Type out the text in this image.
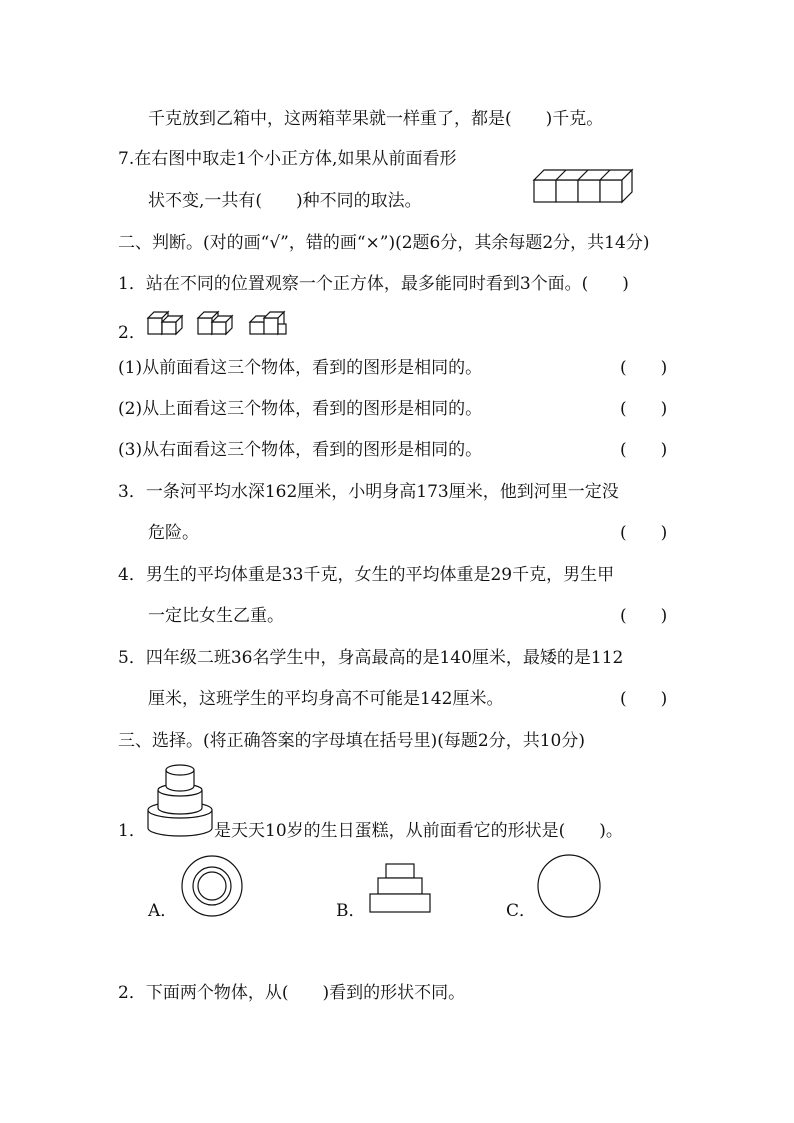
千克放到乙箱中，这两箱苹果就一样重了，都是(　　)千克。
7.在右图中取走1个小正方体,如果从前面看形
状不变,一共有(　　)种不同的取法。
二、判断。(对的画“√”，错的画“×”)(2题6分，其余每题2分，共14分)
1．站在不同的位置观察一个正方体，最多能同时看到3个面。(　　)
2．
(1)从前面看这三个物体，看到的图形是相同的。	(　　)
(2)从上面看这三个物体，看到的图形是相同的。	(　　)
(3)从右面看这三个物体，看到的图形是相同的。	(　　)
3．一条河平均水深162厘米，小明身高173厘米，他到河里一定没
危险。	(　　)
4．男生的平均体重是33千克，女生的平均体重是29千克，男生甲
一定比女生乙重。	(　　)
5．四年级二班36名学生中，身高最高的是140厘米，最矮的是112
厘米，这班学生的平均身高不可能是142厘米。	(　　)
三、选择。(将正确答案的字母填在括号里)(每题2分，共10分)
1．	是天天10岁的生日蛋糕，从前面看它的形状是(　　)。
A．	B．	C．
2．下面两个物体，从(　　)看到的形状不同。
